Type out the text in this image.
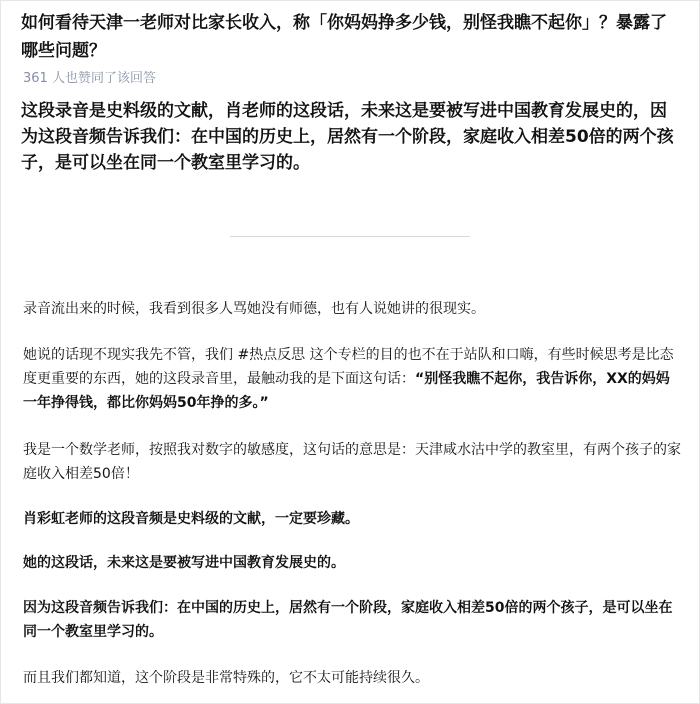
如何看待天津一老师对比家长收入，称「你妈妈挣多少钱，别怪我瞧不起你」？暴露了哪些问题？
361 人也赞同了该回答
这段录音是史料级的文献，肖老师的这段话，未来这是要被写进中国教育发展史的，因为这段音频告诉我们：在中国的历史上，居然有一个阶段，家庭收入相差50倍的两个孩子，是可以坐在同一个教室里学习的。
录音流出来的时候，我看到很多人骂她没有师德，也有人说她讲的很现实。
她说的话现不现实我先不管，我们 #热点反思 这个专栏的目的也不在于站队和口嗨，有些时候思考是比态度更重要的东西，她的这段录音里，最触动我的是下面这句话：“别怪我瞧不起你，我告诉你，XX的妈妈一年挣得钱，都比你妈妈50年挣的多。”
我是一个数学老师，按照我对数字的敏感度，这句话的意思是：天津咸水沽中学的教室里，有两个孩子的家庭收入相差50倍！
肖彩虹老师的这段音频是史料级的文献，一定要珍藏。
她的这段话，未来这是要被写进中国教育发展史的。
因为这段音频告诉我们：在中国的历史上，居然有一个阶段，家庭收入相差50倍的两个孩子，是可以坐在同一个教室里学习的。
而且我们都知道，这个阶段是非常特殊的，它不太可能持续很久。
